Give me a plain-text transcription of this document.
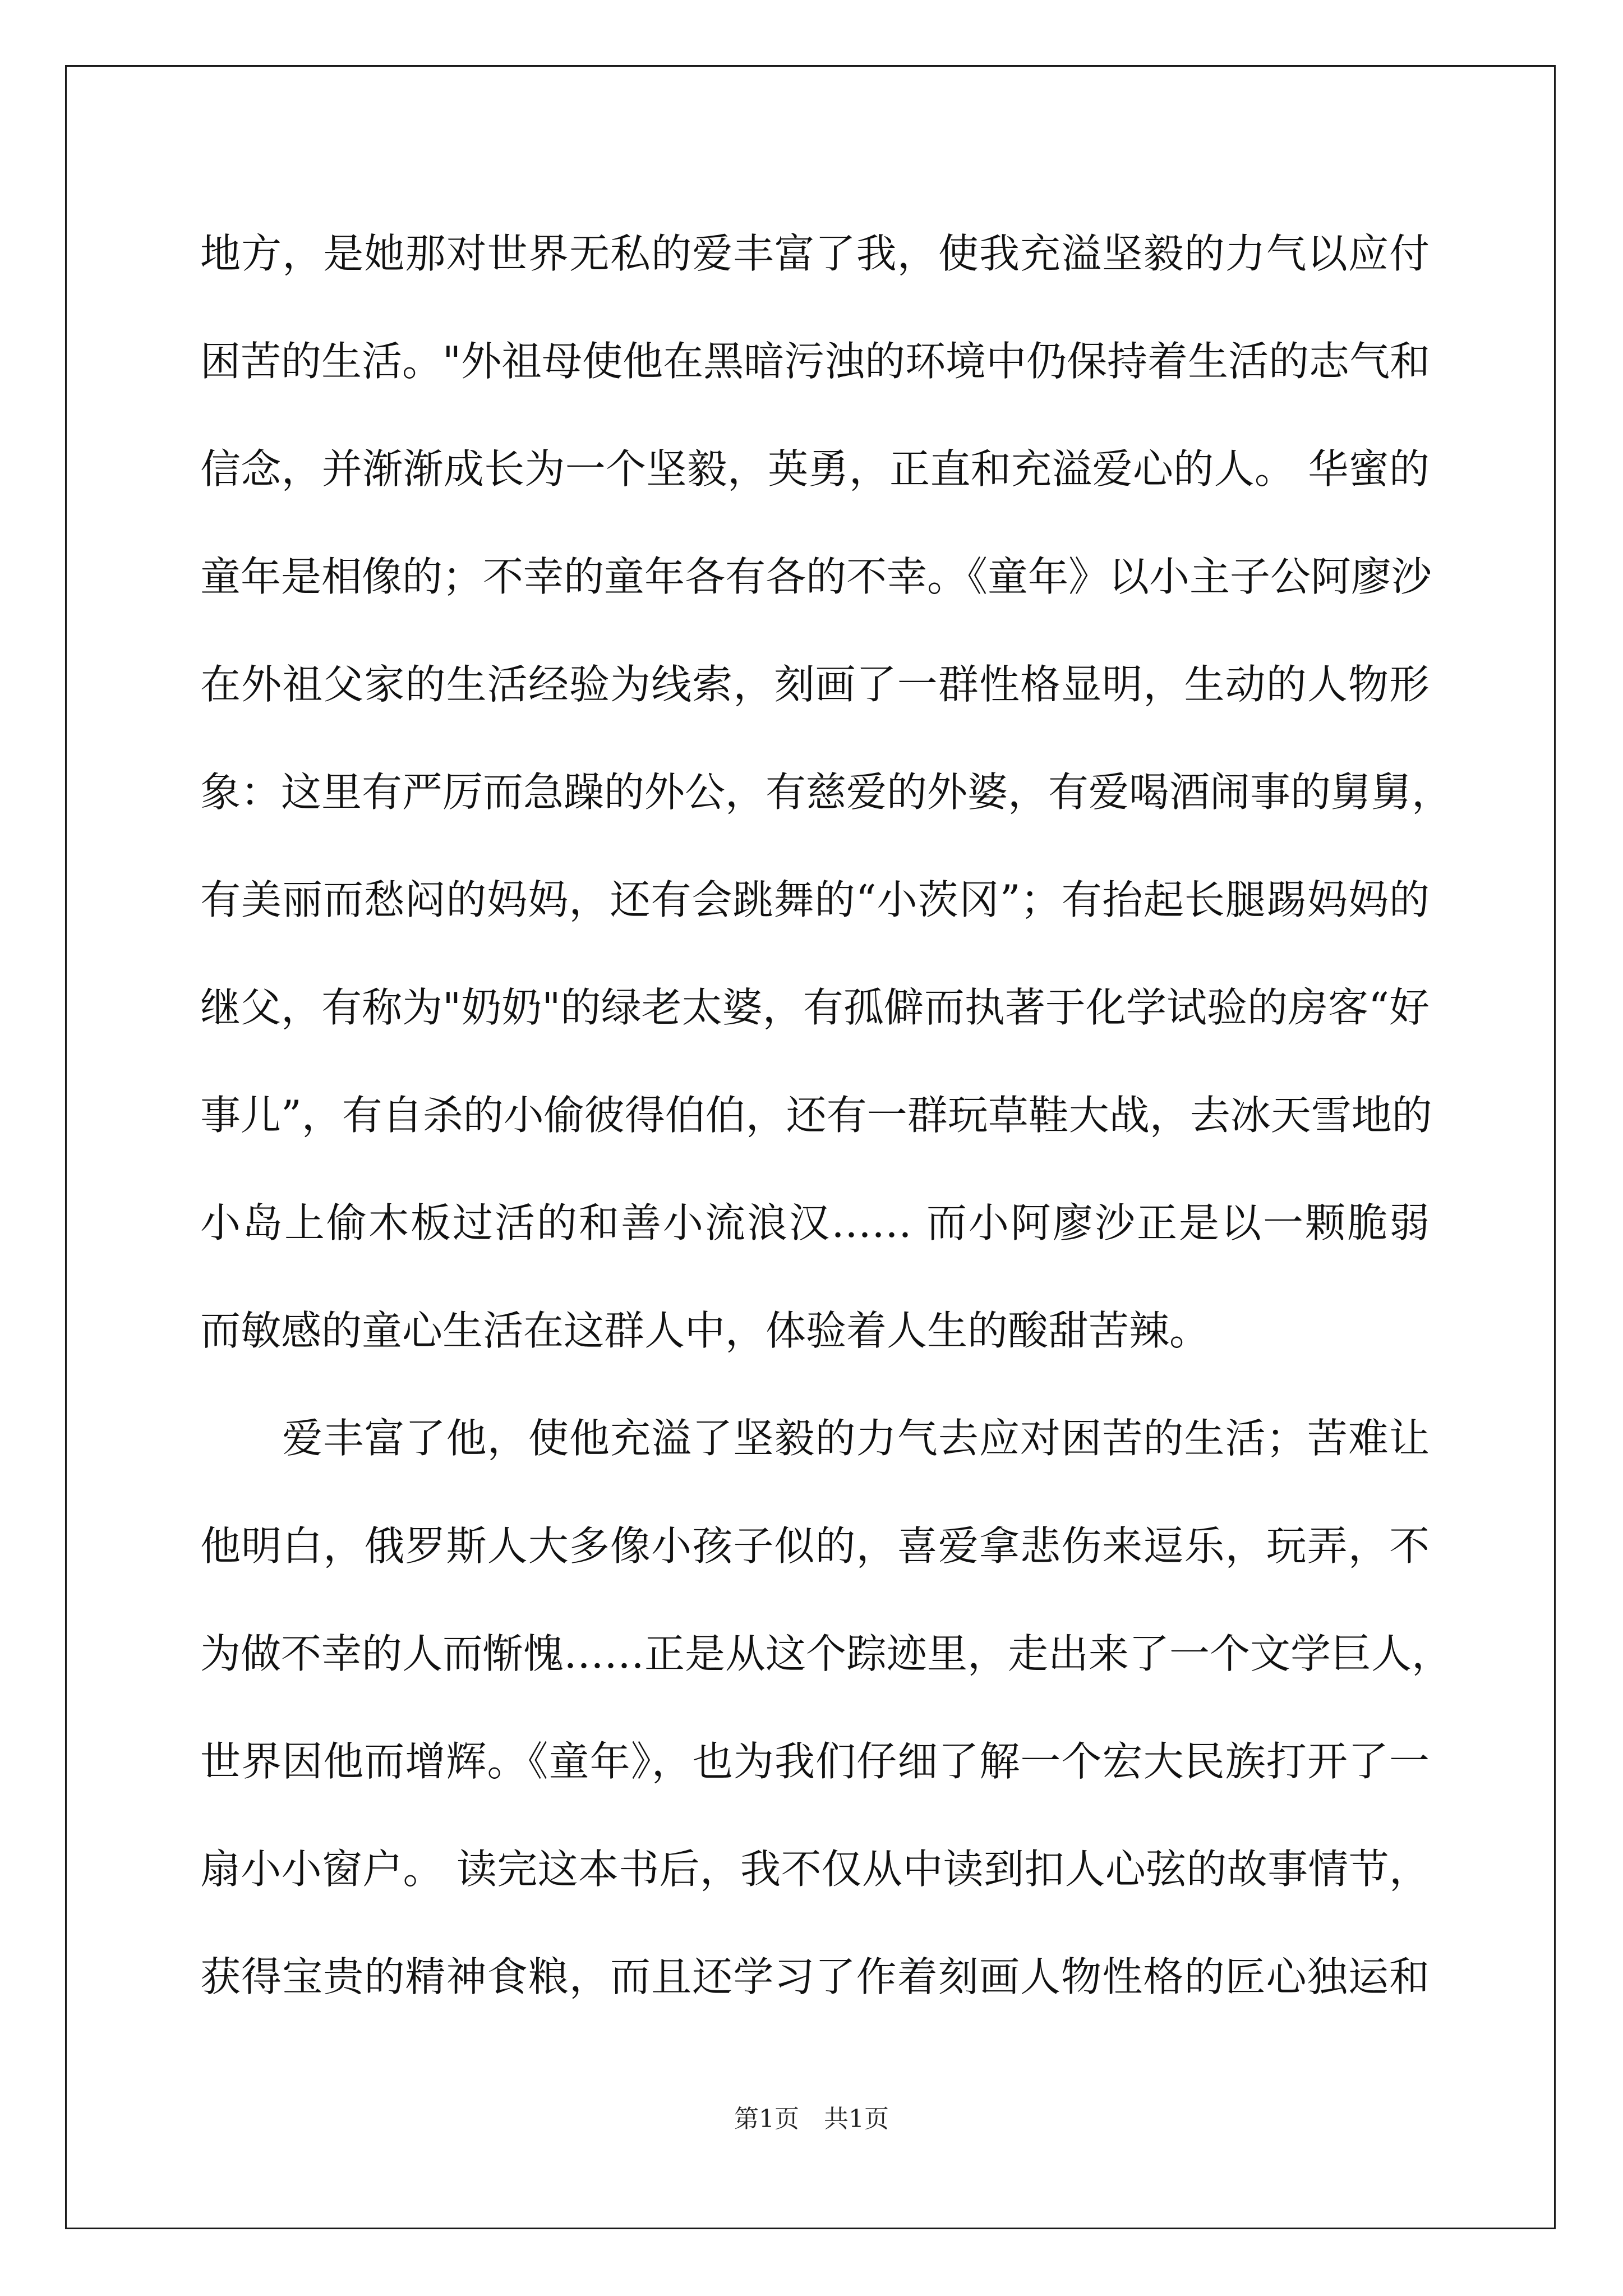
地方，是她那对世界无私的爱丰富了我，使我充溢坚毅的力气以应付
困苦的生活。"外祖母使他在黑暗污浊的环境中仍保持着生活的志气和
信念，并渐渐成长为一个坚毅，英勇，正直和充溢爱心的人。 华蜜的
童年是相像的；不幸的童年各有各的不幸。《童年》以小主子公阿廖沙
在外祖父家的生活经验为线索，刻画了一群性格显明，生动的人物形
象：这里有严厉而急躁的外公，有慈爱的外婆，有爱喝酒闹事的舅舅，
有美丽而愁闷的妈妈，还有会跳舞的“小茨冈”；有抬起长腿踢妈妈的
继父，有称为"奶奶"的绿老太婆，有孤僻而执著于化学试验的房客“好
事儿”，有自杀的小偷彼得伯伯，还有一群玩草鞋大战，去冰天雪地的
小岛上偷木板过活的和善小流浪汉…… 而小阿廖沙正是以一颗脆弱
而敏感的童心生活在这群人中，体验着人生的酸甜苦辣。
　　爱丰富了他，使他充溢了坚毅的力气去应对困苦的生活；苦难让
他明白，俄罗斯人大多像小孩子似的，喜爱拿悲伤来逗乐，玩弄，不
为做不幸的人而惭愧……正是从这个踪迹里，走出来了一个文学巨人，
世界因他而增辉。《童年》，也为我们仔细了解一个宏大民族打开了一
扇小小窗户。 读完这本书后，我不仅从中读到扣人心弦的故事情节，
获得宝贵的精神食粮，而且还学习了作着刻画人物性格的匠心独运和
第1页　共1页
